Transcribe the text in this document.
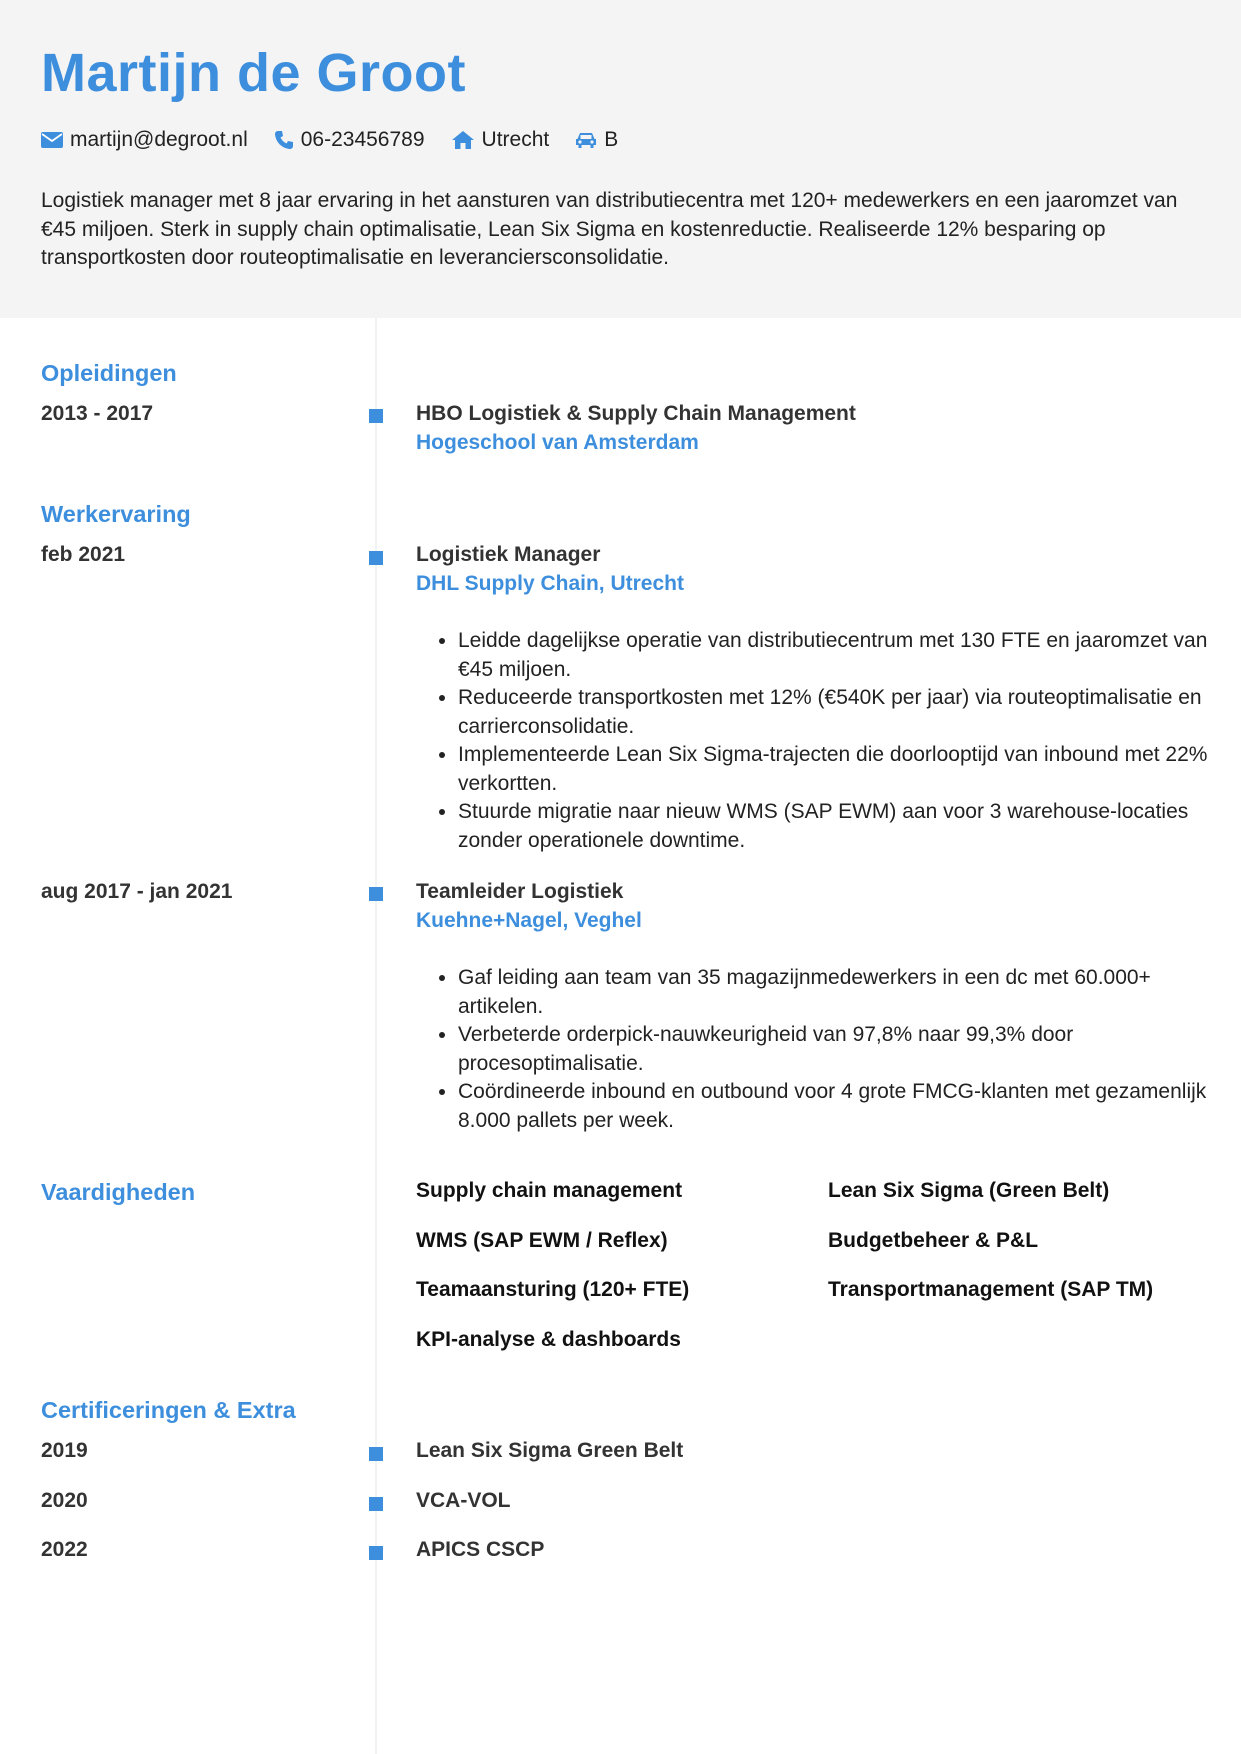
Martijn de Groot
martijn@degroot.nl	06-23456789	Utrecht	B

Logistiek manager met 8 jaar ervaring in het aansturen van distributiecentra met 120+ medewerkers en een jaaromzet van €45 miljoen. Sterk in supply chain optimalisatie, Lean Six Sigma en kostenreductie. Realiseerde 12% besparing op transportkosten door routeoptimalisatie en leveranciersconsolidatie.

Opleidingen
2013 - 2017	HBO Logistiek & Supply Chain Management
Hogeschool van Amsterdam
Werkervaring
feb 2021	Logistiek Manager
DHL Supply Chain, Utrecht
• Leidde dagelijkse operatie van distributiecentrum met 130 FTE en jaaromzet van €45 miljoen.
• Reduceerde transportkosten met 12% (€540K per jaar) via routeoptimalisatie en carrierconsolidatie.
• Implementeerde Lean Six Sigma-trajecten die doorlooptijd van inbound met 22% verkortten.
• Stuurde migratie naar nieuw WMS (SAP EWM) aan voor 3 warehouse-locaties zonder operationele downtime.
aug 2017 - jan 2021	Teamleider Logistiek
Kuehne+Nagel, Veghel
• Gaf leiding aan team van 35 magazijnmedewerkers in een dc met 60.000+ artikelen.
• Verbeterde orderpick-nauwkeurigheid van 97,8% naar 99,3% door procesoptimalisatie.
• Coördineerde inbound en outbound voor 4 grote FMCG-klanten met gezamenlijk 8.000 pallets per week.
Vaardigheden	Supply chain management	Lean Six Sigma (Green Belt)
WMS (SAP EWM / Reflex)	Budgetbeheer & P&L
Teamaansturing (120+ FTE)	Transportmanagement (SAP TM)
KPI-analyse & dashboards
Certificeringen & Extra
2019	Lean Six Sigma Green Belt
2020	VCA-VOL
2022	APICS CSCP
